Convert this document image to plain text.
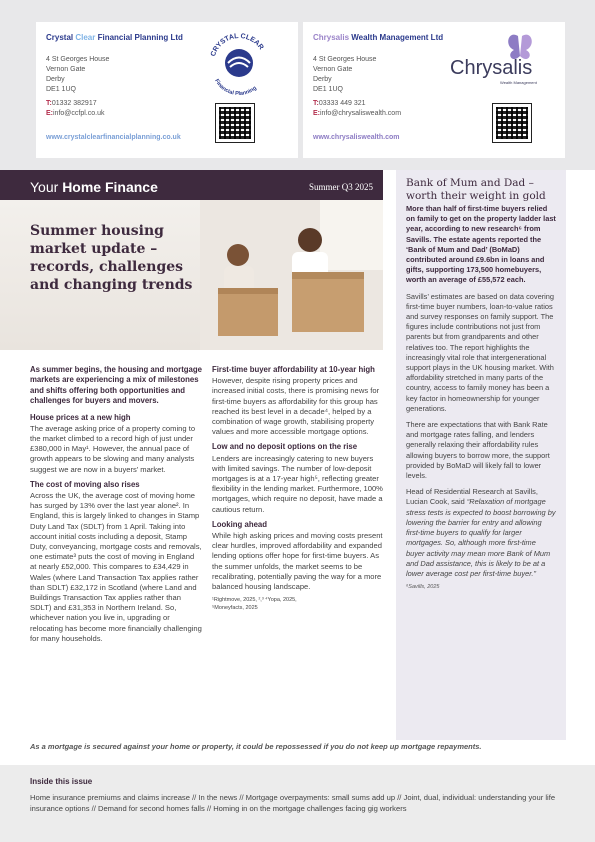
Crystal Clear Financial Planning Ltd
4 St Georges House
Vernon Gate
Derby
DE1 1UQ
T:01332 382917
E:info@ccfpl.co.uk
www.crystalclearfinancialplanning.co.uk
CRYSTAL CLEAR
Financial Planning
Chrysalis Wealth Management Ltd
4 St Georges House
Vernon Gate
Derby
DE1 1UQ
T:03333 449 321
E:info@chrysaliswealth.com
www.chrysaliswealth.com
Chrysalis
Wealth Management
Your Home Finance	Summer Q3 2025
Summer housing market update – records, challenges and changing trends
As summer begins, the housing and mortgage markets are experiencing a mix of milestones and shifts offering both opportunities and challenges for buyers and movers.
House prices at a new high

The average asking price of a property coming to the market climbed to a record high of just under £380,000 in May¹. However, the annual pace of growth appears to be slowing and many analysts suggest we are now in a buyers’ market.

The cost of moving also rises

Across the UK, the average cost of moving home has surged by 13% over the last year alone². In England, this is largely linked to changes in Stamp Duty Land Tax (SDLT) from 1 April. Taking into account initial costs including a deposit, Stamp Duty, conveyancing, mortgage costs and removals, one estimate³ puts the cost of moving in England at nearly £52,000. This compares to £34,429 in Wales (where Land Transaction Tax applies rather than SDLT) £32,172 in Scotland (where Land and Buildings Transaction Tax applies rather than SDLT) and £31,353 in Northern Ireland. So, whichever nation you live in, upgrading or relocating has become more financially challenging for many households.

First-time buyer affordability at 10-year high

However, despite rising property prices and increased initial costs, there is promising news for first-time buyers as affordability for this group has reached its best level in a decade⁴, helped by a combination of wage growth, stabilising property values and more accessible mortgage options.

Low and no deposit options on the rise

Lenders are increasingly catering to new buyers with limited savings. The number of low-deposit mortgages is at a 17-year high⁵, reflecting greater flexibility in the lending market. Furthermore, 100% mortgages, which require no deposit, have made a cautious return.

Looking ahead

While high asking prices and moving costs present clear hurdles, improved affordability and expanded lending options offer hope for first-time buyers. As the summer unfolds, the market seems to be recalibrating, potentially paving the way for a more balanced housing landscape.

¹Rightmove, 2025, ²,³ ⁴Yopa, 2025,
⁵Moneyfacts, 2025
Bank of Mum and Dad – worth their weight in gold
More than half of first-time buyers relied on family to get on the property ladder last year, according to new research⁶ from Savills. The estate agents reported the ‘Bank of Mum and Dad’ (BoMaD) contributed around £9.6bn in loans and gifts, supporting 173,500 homebuyers, worth an average of £55,572 each.

Savills’ estimates are based on data covering first-time buyer numbers, loan-to-value ratios and survey responses on family support. The figures include contributions not just from parents but from grandparents and other relatives too. The report highlights the increasingly vital role that intergenerational support plays in the UK housing market. With affordability stretched in many parts of the country, access to family money has been a key factor in homeownership for younger generations.

There are expectations that with Bank Rate and mortgage rates falling, and lenders generally relaxing their affordability rules allowing buyers to borrow more, the support provided by BoMaD will likely fall to lower levels.

Head of Residential Research at Savills, Lucian Cook, said “Relaxation of mortgage stress tests is expected to boost borrowing by lowering the barrier for entry and allowing first-time buyers to qualify for larger mortgages. So, although more first-time buyer activity may mean more Bank of Mum and Dad assistance, this is likely to be at a lower average cost per first-time buyer.”

⁶Savills, 2025
As a mortgage is secured against your home or property, it could be repossessed if you do not keep up mortgage repayments.
Inside this issue
Home insurance premiums and claims increase // In the news // Mortgage overpayments: small sums add up // Joint, dual, individual: understanding your life insurance options // Demand for second homes falls // Homing in on the mortgage challenges facing gig workers
